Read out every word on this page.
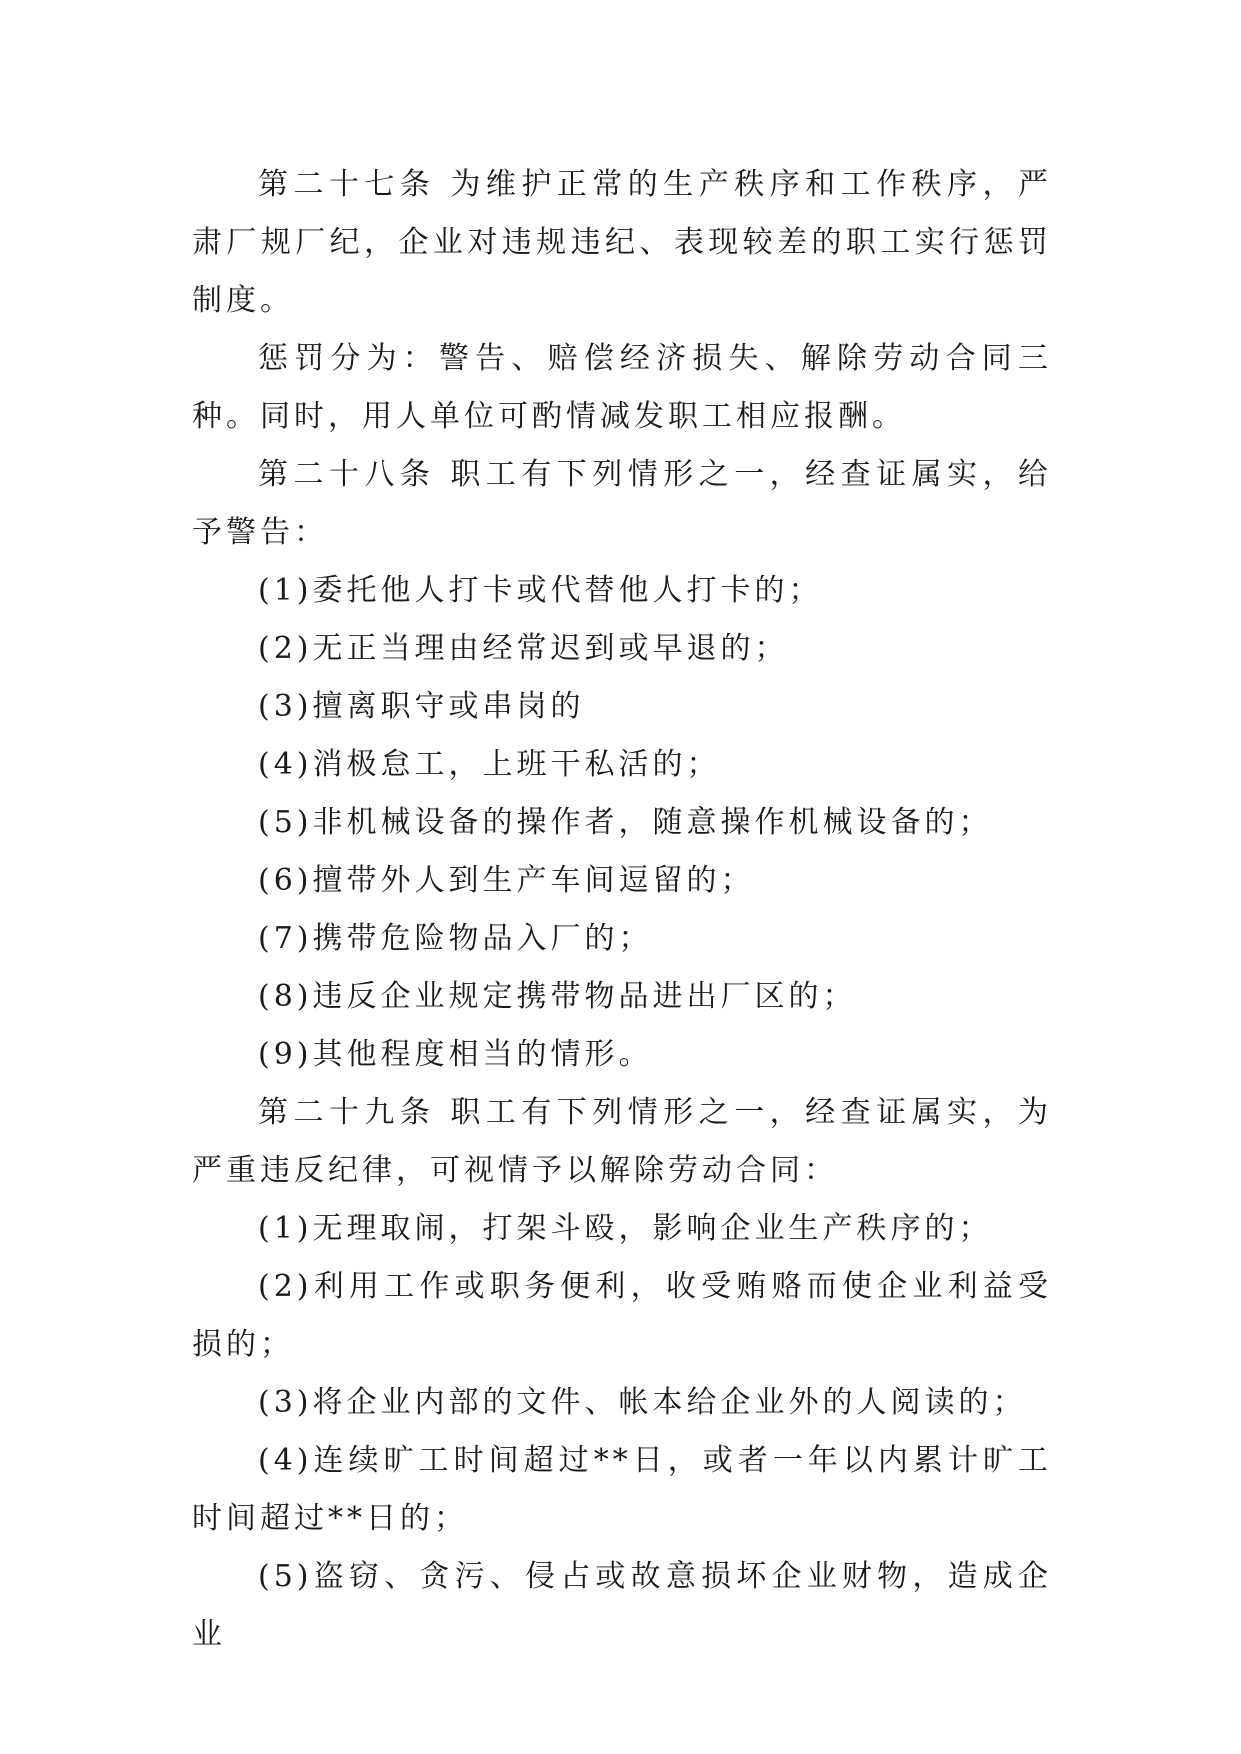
第二十七条 为维护正常的生产秩序和工作秩序，严肃厂规厂纪，企业对违规违纪、表现较差的职工实行惩罚制度。

惩罚分为：警告、赔偿经济损失、解除劳动合同三种。同时，用人单位可酌情减发职工相应报酬。

第二十八条 职工有下列情形之一，经查证属实，给予警告：

(1)委托他人打卡或代替他人打卡的；

(2)无正当理由经常迟到或早退的；

(3)擅离职守或串岗的

(4)消极怠工，上班干私活的；

(5)非机械设备的操作者，随意操作机械设备的；

(6)擅带外人到生产车间逗留的；

(7)携带危险物品入厂的；

(8)违反企业规定携带物品进出厂区的；

(9)其他程度相当的情形。

第二十九条 职工有下列情形之一，经查证属实，为严重违反纪律，可视情予以解除劳动合同：

(1)无理取闹，打架斗殴，影响企业生产秩序的；

(2)利用工作或职务便利，收受贿赂而使企业利益受损的；

(3)将企业内部的文件、帐本给企业外的人阅读的；

(4)连续旷工时间超过**日，或者一年以内累计旷工时间超过**日的；

(5)盗窃、贪污、侵占或故意损坏企业财物，造成企业
